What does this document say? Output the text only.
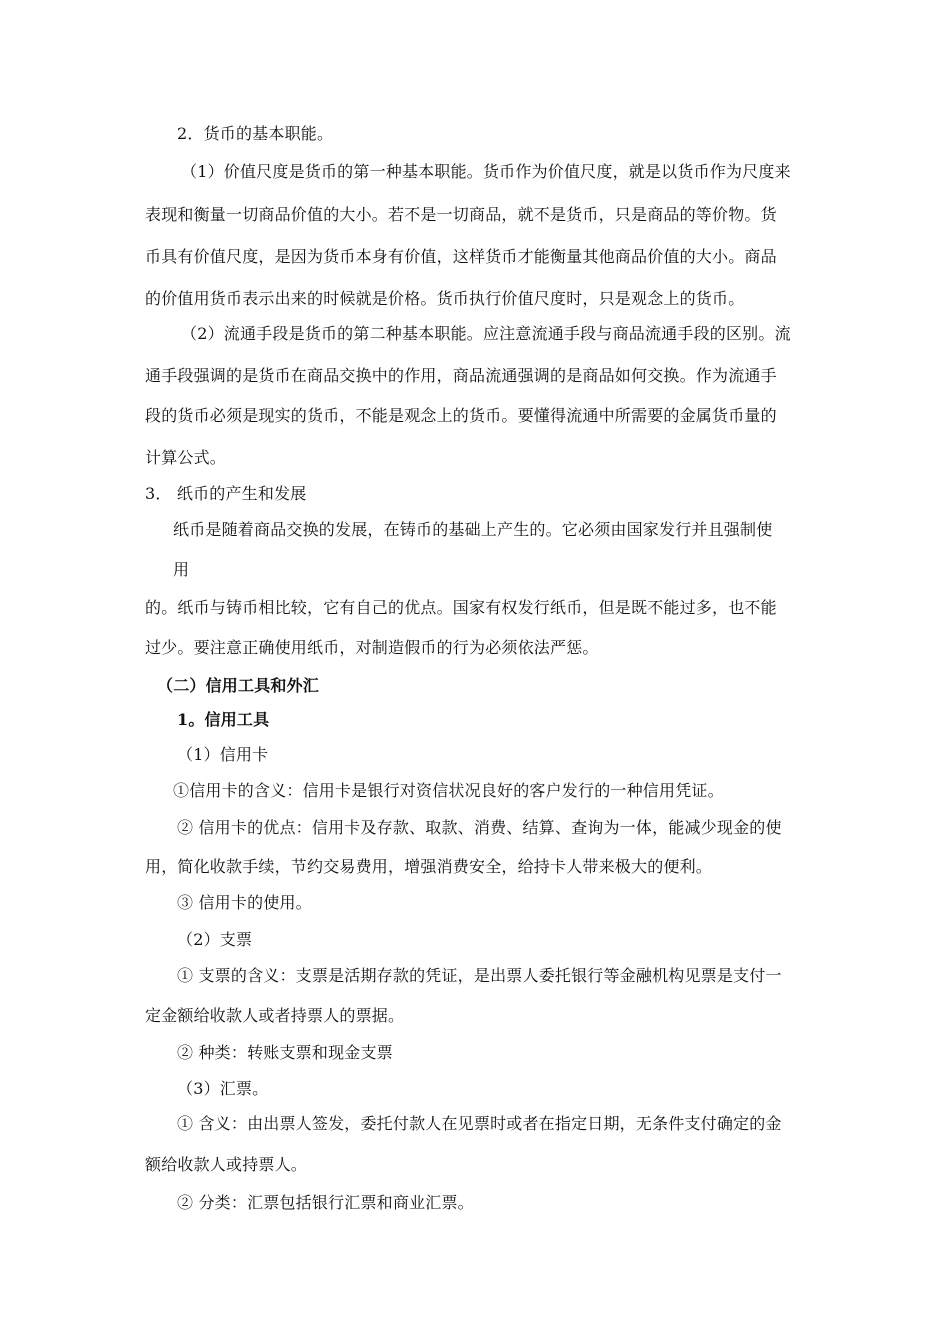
2．货币的基本职能。
（1）价值尺度是货币的第一种基本职能。货币作为价值尺度，就是以货币作为尺度来
表现和衡量一切商品价值的大小。若不是一切商品，就不是货币，只是商品的等价物。货
币具有价值尺度，是因为货币本身有价值，这样货币才能衡量其他商品价值的大小。商品
的价值用货币表示出来的时候就是价格。货币执行价值尺度时，只是观念上的货币。
（2）流通手段是货币的第二种基本职能。应注意流通手段与商品流通手段的区别。流
通手段强调的是货币在商品交换中的作用，商品流通强调的是商品如何交换。作为流通手
段的货币必须是现实的货币，不能是观念上的货币。要懂得流通中所需要的金属货币量的
计算公式。
3． 纸币的产生和发展
纸币是随着商品交换的发展，在铸币的基础上产生的。它必须由国家发行并且强制使
用
的。纸币与铸币相比较，它有自己的优点。国家有权发行纸币，但是既不能过多，也不能
过少。要注意正确使用纸币，对制造假币的行为必须依法严惩。
（二）信用工具和外汇
1。信用工具
（1）信用卡
①信用卡的含义：信用卡是银行对资信状况良好的客户发行的一种信用凭证。
② 信用卡的优点：信用卡及存款、取款、消费、结算、查询为一体，能减少现金的使
用，简化收款手续，节约交易费用，增强消费安全，给持卡人带来极大的便利。
③ 信用卡的使用。
（2）支票
① 支票的含义：支票是活期存款的凭证，是出票人委托银行等金融机构见票是支付一
定金额给收款人或者持票人的票据。
② 种类：转账支票和现金支票
（3）汇票。
① 含义：由出票人签发，委托付款人在见票时或者在指定日期，无条件支付确定的金
额给收款人或持票人。
② 分类：汇票包括银行汇票和商业汇票。
